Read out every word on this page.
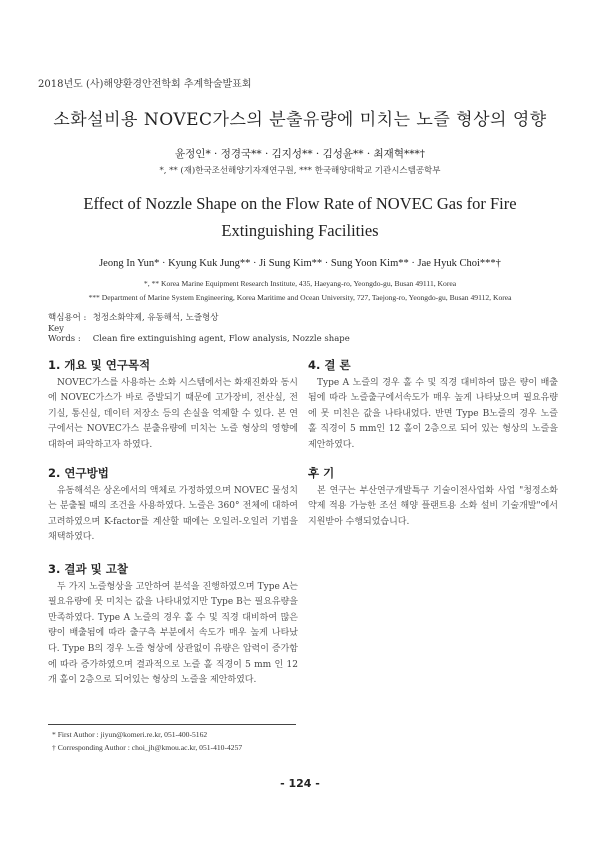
2018년도 (사)해양환경안전학회 추계학술발표회
소화설비용 NOVEC가스의 분출유량에 미치는 노즐 형상의 영향
윤정인* · 정경국** · 김지성** · 김성윤** · 최재혁***†
*, ** (재)한국조선해양기자재연구원, *** 한국해양대학교 기관시스템공학부
Effect of Nozzle Shape on the Flow Rate of NOVEC Gas for Fire
Extinguishing Facilities
Jeong In Yun* · Kyung Kuk Jung** · Ji Sung Kim** · Sung Yoon Kim** · Jae Hyuk Choi***†
*, ** Korea Marine Equipment Research Institute, 435, Haeyang-ro, Yeongdo-gu, Busan 49111, Korea
*** Department of Marine System Engineering, Korea Maritime and Ocean University, 727, Taejong-ro, Yeongdo-gu, Busan 49112, Korea
핵심용어 : 청정소화약제, 유동해석, 노즐형상
Key Words : Clean fire extinguishing agent, Flow analysis, Nozzle shape
1. 개요 및 연구목적
NOVEC가스를 사용하는 소화 시스템에서는 화재진화와 동시에 NOVEC가스가 바로 증발되기 때문에 고가장비, 전산실, 전기실, 통신실, 데이터 저장소 등의 손실을 억제할 수 있다. 본 연구에서는 NOVEC가스 분출유량에 미치는 노즐 형상의 영향에 대하여 파악하고자 하였다.
2. 연구방법
유동해석은 상온에서의 액체로 가정하였으며 NOVEC 물성치는 분출될 때의 조건을 사용하였다. 노즐은 360° 전체에 대하여 고려하였으며 K-factor를 계산할 때에는 오일러-오일러 기법을 채택하였다.
3. 결과 및 고찰
두 가지 노즐형상을 고안하여 분석을 진행하였으며 Type A는 필요유량에 못 미치는 값을 나타내었지만 Type B는 필요유량을 만족하였다. Type A 노즐의 경우 홀 수 및 직경 대비하여 많은 량이 배출됨에 따라 출구측 부분에서 속도가 매우 높게 나타났다. Type B의 경우 노즐 형상에 상관없이 유량은 압력이 증가함에 따라 증가하였으며 결과적으로 노즐 홀 직경이 5 mm 인 12개 홀이 2층으로 되어있는 형상의 노즐을 제안하였다.
4. 결 론
Type A 노즐의 경우 홀 수 및 직경 대비하여 많은 량이 배출됨에 따라 노즐출구에서속도가 매우 높게 나타났으며 필요유량에 못 미친은 값을 나타내었다. 반면 Type B노즐의 경우 노즐 홀 직경이 5 mm인 12 홀이 2층으로 되어 있는 형상의 노즐을 제안하였다.
후 기
본 연구는 부산연구개발특구 기술이전사업화 사업 "청정소화약제 적용 가능한 조선 해양 플랜트용 소화 설비 기술개발"에서 지원받아 수행되었습니다.
* First Author : jiyun@komeri.re.kr, 051-400-5162
† Corresponding Author : choi_jh@kmou.ac.kr, 051-410-4257
- 124 -
